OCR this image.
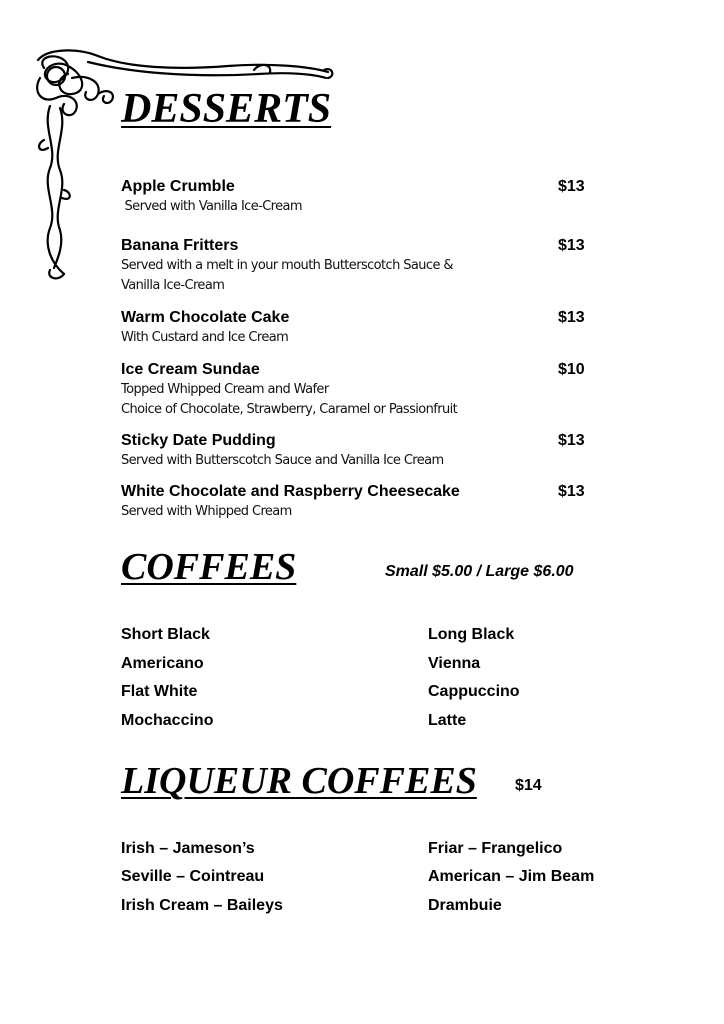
DESSERTS
Apple Crumble	$13
Served with Vanilla Ice-Cream
Banana Fritters	$13
Served with a melt in your mouth Butterscotch Sauce &
Vanilla Ice-Cream
Warm Chocolate Cake	$13
With Custard and Ice Cream
Ice Cream Sundae	$10
Topped Whipped Cream and Wafer
Choice of Chocolate, Strawberry, Caramel or Passionfruit
Sticky Date Pudding	$13
Served with Butterscotch Sauce and Vanilla Ice Cream
White Chocolate and Raspberry Cheesecake	$13
Served with Whipped Cream
COFFEES	Small $5.00 / Large $6.00
Short Black
Americano
Flat White
Mochaccino
Long Black
Vienna
Cappuccino
Latte
LIQUEUR COFFEES $14
Irish – Jameson’s
Seville – Cointreau
Irish Cream – Baileys
Friar – Frangelico
American – Jim Beam
Drambuie
